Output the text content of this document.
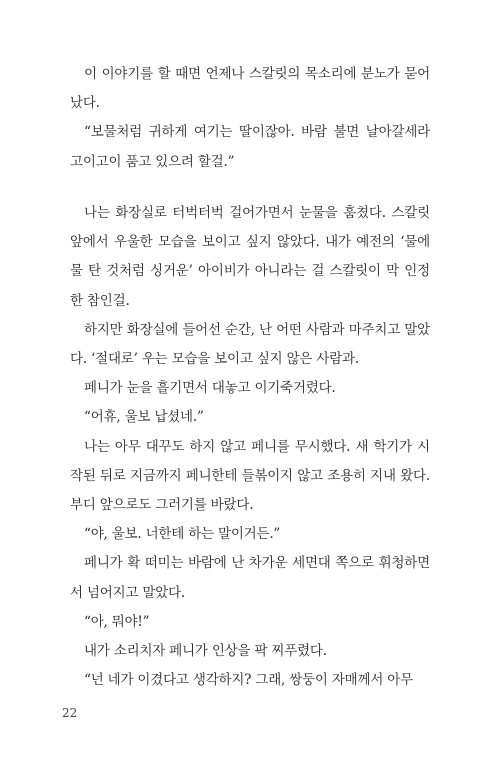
이 이야기를 할 때면 언제나 스칼릿의 목소리에 분노가 묻어났다.

“보물처럼 귀하게 여기는 딸이잖아. 바람 불면 날아갈세라 고이고이 품고 있으려 할걸.”

나는 화장실로 터벅터벅 걸어가면서 눈물을 훔쳤다. 스칼릿 앞에서 우울한 모습을 보이고 싶지 않았다. 내가 예전의 ‘물에 물 탄 것처럼 싱거운’ 아이비가 아니라는 걸 스칼릿이 막 인정한 참인걸.

하지만 화장실에 들어선 순간, 난 어떤 사람과 마주치고 말았다. ‘절대로’ 우는 모습을 보이고 싶지 않은 사람과.

페니가 눈을 흘기면서 대놓고 이기죽거렸다.

“어휴, 울보 납셨네.”

나는 아무 대꾸도 하지 않고 페니를 무시했다. 새 학기가 시작된 뒤로 지금까지 페니한테 들볶이지 않고 조용히 지내 왔다. 부디 앞으로도 그러기를 바랐다.

“야, 울보. 너한테 하는 말이거든.”

페니가 확 떠미는 바람에 난 차가운 세면대 쪽으로 휘청하면서 넘어지고 말았다.

“아, 뭐야!”

내가 소리치자 페니가 인상을 팍 찌푸렸다.

“넌 네가 이겼다고 생각하지? 그래, 쌍둥이 자매께서 아무

22
